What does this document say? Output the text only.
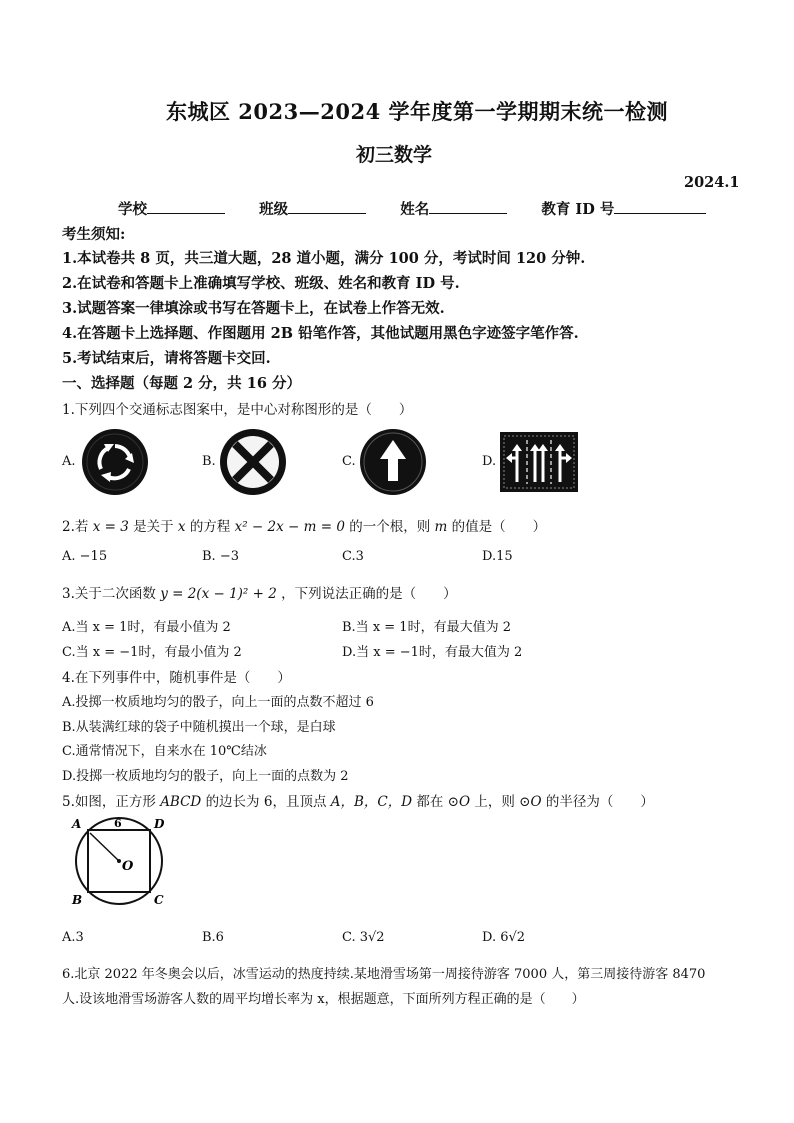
东城区 2023—2024 学年度第一学期期末统一检测
初三数学
2024.1
学校	班级	姓名	教育 ID 号
考生须知:
1.本试卷共 8 页，共三道大题，28 道小题，满分 100 分，考试时间 120 分钟.
2.在试卷和答题卡上准确填写学校、班级、姓名和教育 ID 号.
3.试题答案一律填涂或书写在答题卡上，在试卷上作答无效.
4.在答题卡上选择题、作图题用 2B 铅笔作答，其他试题用黑色字迹签字笔作答.
5.考试结束后，请将答题卡交回.
一、选择题（每题 2 分，共 16 分）
1.下列四个交通标志图案中，是中心对称图形的是（　　）
A.	B.	C.	D.
2.若 x = 3 是关于 x 的方程 x² − 2x − m = 0 的一个根，则 m 的值是（　　）
A. −15	B. −3	C.3	D.15
3.关于二次函数 y = 2(x − 1)² + 2 ，下列说法正确的是（　　）
A.当 x = 1时，有最小值为 2	B.当 x = 1时，有最大值为 2
C.当 x = −1时，有最小值为 2	D.当 x = −1时，有最大值为 2
4.在下列事件中，随机事件是（　　）
A.投掷一枚质地均匀的骰子，向上一面的点数不超过 6
B.从装满红球的袋子中随机摸出一个球，是白球
C.通常情况下，自来水在 10℃结冰
D.投掷一枚质地均匀的骰子，向上一面的点数为 2
5.如图，正方形 ABCD 的边长为 6，且顶点 A，B，C，D 都在 ⊙O 上，则 ⊙O 的半径为（　　）
A	D
B	C
O
6
A.3	B.6	C. 3√2	D. 6√2
6.北京 2022 年冬奥会以后，冰雪运动的热度持续.某地滑雪场第一周接待游客 7000 人，第三周接待游客 8470
人.设该地滑雪场游客人数的周平均增长率为 x，根据题意，下面所列方程正确的是（　　）
